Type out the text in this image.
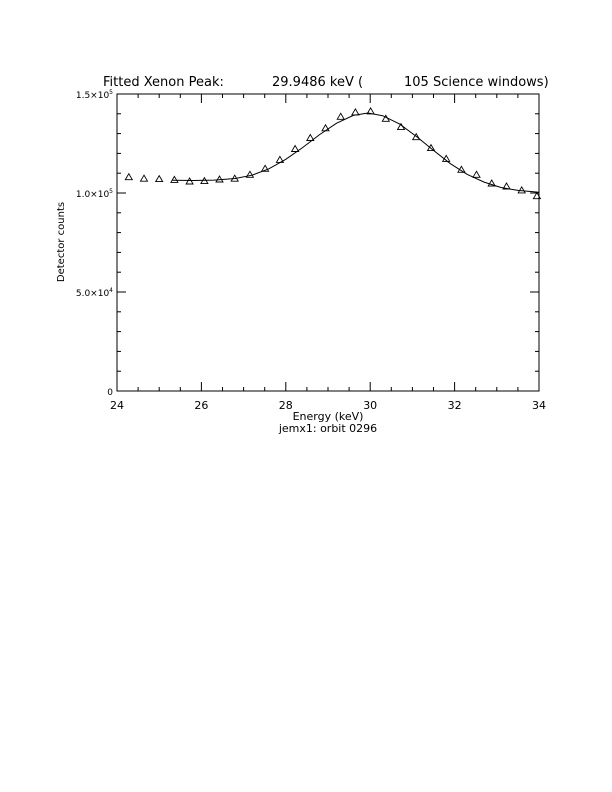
Fitted Xenon Peak:	29.9486 keV (	105 Science windows)
24	26	28	30	32	34
0
$5.0\times 10^4$
$1.0\times 10^5$
$1.5\times 10^5$
Energy (keV)
jemx1: orbit 0296
Detector counts
